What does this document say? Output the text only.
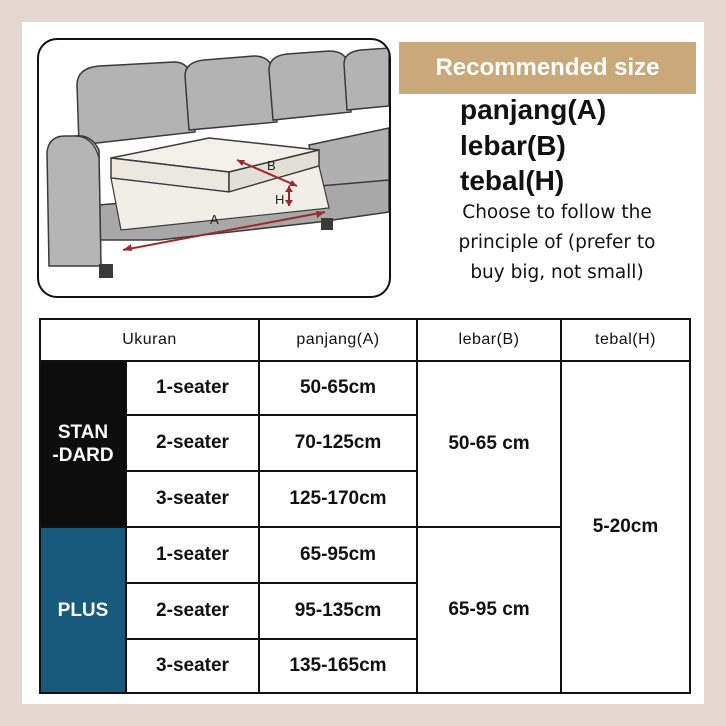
B
H
A
Recommended size
panjang(A)
lebar(B)
tebal(H)
Choose to follow the
principle of (prefer to
buy big, not small)
Ukuran	panjang(A)	lebar(B)	tebal(H)
STAN
-DARD
1-seater	50-65cm
2-seater	70-125cm
3-seater	125-170cm
50-65 cm
PLUS
1-seater	65-95cm
2-seater	95-135cm
3-seater	135-165cm
65-95 cm
5-20cm
